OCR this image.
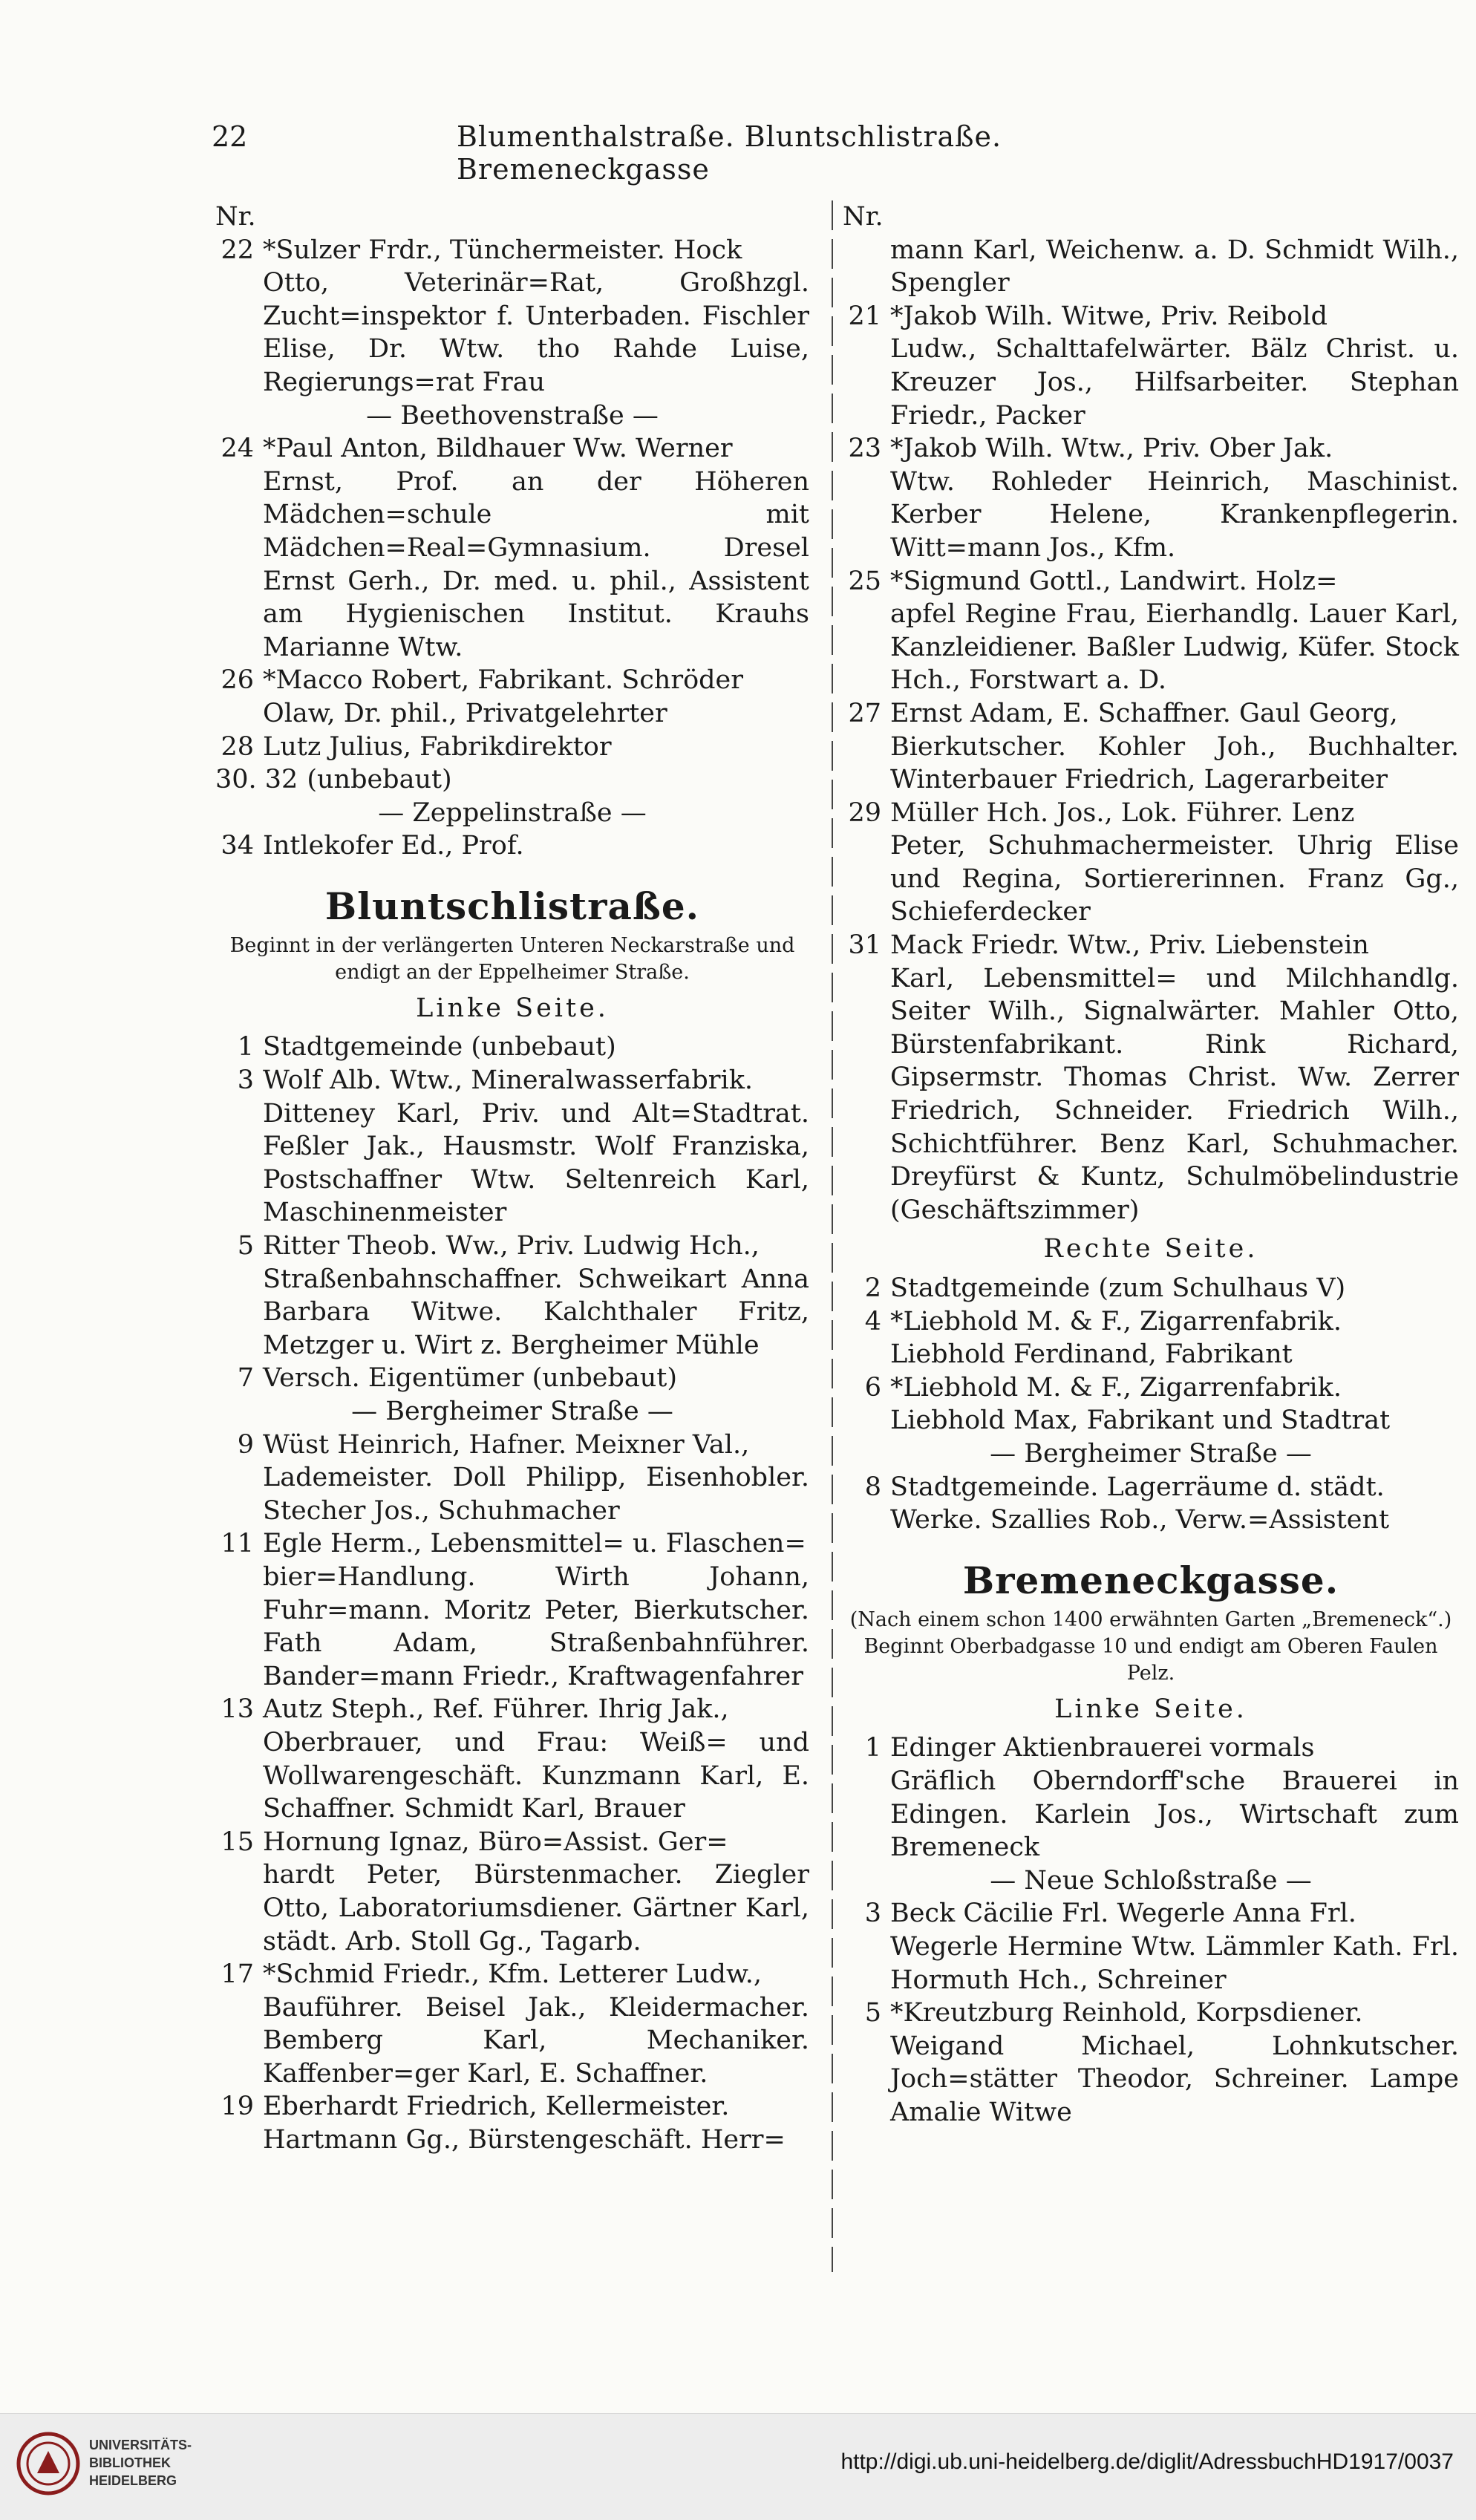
22	Blumenthalstraße. Bluntschlistraße. Bremeneckgasse
Nr.
22 *Sulzer Frdr., Tünchermeister. Hock
Otto, Veterinär=Rat, Großhzgl. Zucht=inspektor f. Unterbaden. Fischler Elise, Dr. Wtw. tho Rahde Luise, Regierungs=rat Frau
— Beethovenstraße —
24 *Paul Anton, Bildhauer Ww. Werner
Ernst, Prof. an der Höheren Mädchen=schule mit Mädchen=Real=Gymnasium. Dresel Ernst Gerh., Dr. med. u. phil., Assistent am Hygienischen Institut. Krauhs Marianne Wtw.
26 *Macco Robert, Fabrikant. Schröder
Olaw, Dr. phil., Privatgelehrter
28 Lutz Julius, Fabrikdirektor
30. 32 (unbebaut)
— Zeppelinstraße —
34 Intlekofer Ed., Prof.
Bluntschlistraße.
Beginnt in der verlängerten Unteren Neckarstraße und endigt an der Eppelheimer Straße.
Linke Seite.
1 Stadtgemeinde (unbebaut)
3 Wolf Alb. Wtw., Mineralwasserfabrik.
Ditteney Karl, Priv. und Alt=Stadtrat. Feßler Jak., Hausmstr. Wolf Franziska, Postschaffner Wtw. Seltenreich Karl, Maschinenmeister
5 Ritter Theob. Ww., Priv. Ludwig Hch.,
Straßenbahnschaffner. Schweikart Anna Barbara Witwe. Kalchthaler Fritz, Metzger u. Wirt z. Bergheimer Mühle
7 Versch. Eigentümer (unbebaut)
— Bergheimer Straße —
9 Wüst Heinrich, Hafner. Meixner Val.,
Lademeister. Doll Philipp, Eisenhobler. Stecher Jos., Schuhmacher
11 Egle Herm., Lebensmittel= u. Flaschen=
bier=Handlung. Wirth Johann, Fuhr=mann. Moritz Peter, Bierkutscher. Fath Adam, Straßenbahnführer. Bander=mann Friedr., Kraftwagenfahrer
13 Autz Steph., Ref. Führer. Ihrig Jak.,
Oberbrauer, und Frau: Weiß= und Wollwarengeschäft. Kunzmann Karl, E. Schaffner. Schmidt Karl, Brauer
15 Hornung Ignaz, Büro=Assist. Ger=
hardt Peter, Bürstenmacher. Ziegler Otto, Laboratoriumsdiener. Gärtner Karl, städt. Arb. Stoll Gg., Tagarb.
17 *Schmid Friedr., Kfm. Letterer Ludw.,
Bauführer. Beisel Jak., Kleidermacher. Bemberg Karl, Mechaniker. Kaffenber=ger Karl, E. Schaffner.
19 Eberhardt Friedrich, Kellermeister.
Hartmann Gg., Bürstengeschäft. Herr=
Nr.
mann Karl, Weichenw. a. D. Schmidt Wilh., Spengler
21 *Jakob Wilh. Witwe, Priv. Reibold
Ludw., Schalttafelwärter. Bälz Christ. u. Kreuzer Jos., Hilfsarbeiter. Stephan Friedr., Packer
23 *Jakob Wilh. Wtw., Priv. Ober Jak.
Wtw. Rohleder Heinrich, Maschinist. Kerber Helene, Krankenpflegerin. Witt=mann Jos., Kfm.
25 *Sigmund Gottl., Landwirt. Holz=
apfel Regine Frau, Eierhandlg. Lauer Karl, Kanzleidiener. Baßler Ludwig, Küfer. Stock Hch., Forstwart a. D.
27 Ernst Adam, E. Schaffner. Gaul Georg,
Bierkutscher. Kohler Joh., Buchhalter. Winterbauer Friedrich, Lagerarbeiter
29 Müller Hch. Jos., Lok. Führer. Lenz
Peter, Schuhmachermeister. Uhrig Elise und Regina, Sortiererinnen. Franz Gg., Schieferdecker
31 Mack Friedr. Wtw., Priv. Liebenstein
Karl, Lebensmittel= und Milchhandlg. Seiter Wilh., Signalwärter. Mahler Otto, Bürstenfabrikant. Rink Richard, Gipsermstr. Thomas Christ. Ww. Zerrer Friedrich, Schneider. Friedrich Wilh., Schichtführer. Benz Karl, Schuhmacher. Dreyfürst & Kuntz, Schulmöbelindustrie (Geschäftszimmer)
Rechte Seite.
2 Stadtgemeinde (zum Schulhaus V)
4 *Liebhold M. & F., Zigarrenfabrik.
Liebhold Ferdinand, Fabrikant
6 *Liebhold M. & F., Zigarrenfabrik.
Liebhold Max, Fabrikant und Stadtrat
— Bergheimer Straße —
8 Stadtgemeinde. Lagerräume d. städt.
Werke. Szallies Rob., Verw.=Assistent
Bremeneckgasse.
(Nach einem schon 1400 erwähnten Garten „Bremeneck“.)
Beginnt Oberbadgasse 10 und endigt am Oberen Faulen Pelz.
Linke Seite.
1 Edinger Aktienbrauerei vormals
Gräflich Oberndorff'sche Brauerei in Edingen. Karlein Jos., Wirtschaft zum Bremeneck
— Neue Schloßstraße —
3 Beck Cäcilie Frl. Wegerle Anna Frl.
Wegerle Hermine Wtw. Lämmler Kath. Frl. Hormuth Hch., Schreiner
5 *Kreutzburg Reinhold, Korpsdiener.
Weigand Michael, Lohnkutscher. Joch=stätter Theodor, Schreiner. Lampe Amalie Witwe
UNIVERSITÄTS-
BIBLIOTHEK
HEIDELBERG
http://digi.ub.uni-heidelberg.de/diglit/AdressbuchHD1917/0037
